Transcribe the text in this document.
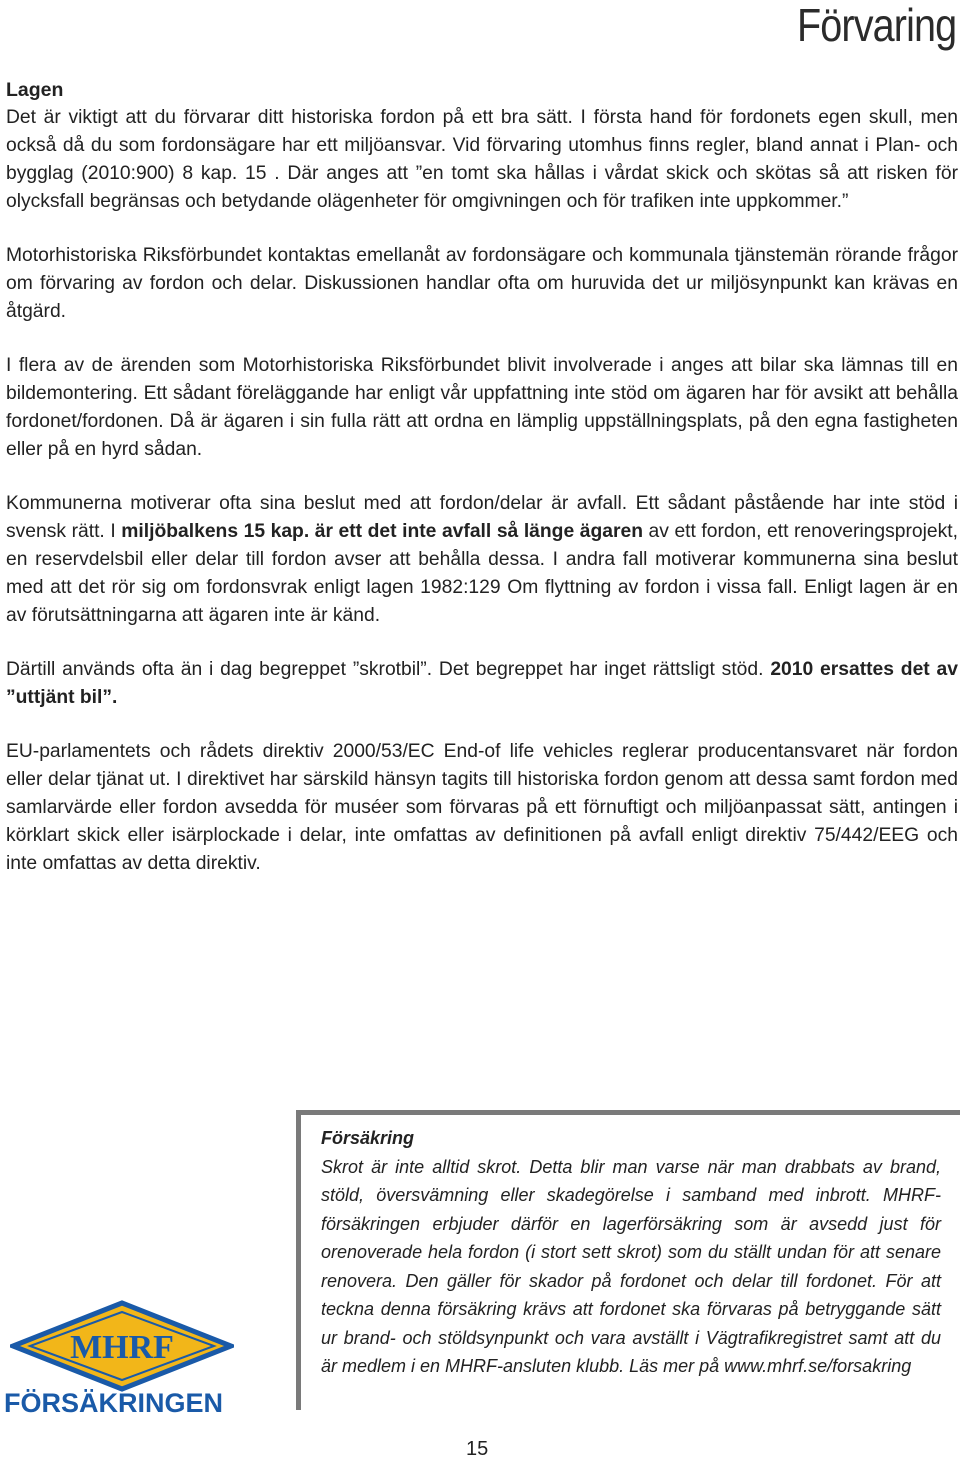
Förvaring

Lagen
Det är viktigt att du förvarar ditt historiska fordon på ett bra sätt. I första hand för fordonets egen skull, men också då du som fordonsägare har ett miljöansvar. Vid förvaring utomhus finns regler, bland annat i Plan- och bygglag (2010:900) 8 kap. 15 . Där anges att ”en tomt ska hållas i vårdat skick och skötas så att risken för olycksfall begränsas och betydande olägenheter för omgivningen och för trafiken inte uppkommer.”

Motorhistoriska Riksförbundet kontaktas emellanåt av fordonsägare och kommunala tjänstemän rörande frågor om förvaring av fordon och delar. Diskussionen handlar ofta om huruvida det ur miljösynpunkt kan krävas en åtgärd.

I flera av de ärenden som Motorhistoriska Riksförbundet blivit involverade i anges att bilar ska lämnas till en bildemontering. Ett sådant föreläggande har enligt vår uppfattning inte stöd om ägaren har för avsikt att behålla fordonet/fordonen. Då är ägaren i sin fulla rätt att ordna en lämplig uppställningsplats, på den egna fastigheten eller på en hyrd sådan.

Kommunerna motiverar ofta sina beslut med att fordon/delar är avfall. Ett sådant påstående har inte stöd i svensk rätt. I miljöbalkens 15 kap. är ett det inte avfall så länge ägaren av ett fordon, ett renoveringsprojekt, en reservdelsbil eller delar till fordon avser att behålla dessa. I andra fall motiverar kommunerna sina beslut med att det rör sig om fordonsvrak enligt lagen 1982:129 Om flyttning av fordon i vissa fall. Enligt lagen är en av förutsättningarna att ägaren inte är känd.

Därtill används ofta än i dag begreppet ”skrotbil”. Det begreppet har inget rättsligt stöd. 2010 ersattes det av ”uttjänt bil”.

EU-parlamentets och rådets direktiv 2000/53/EC End-of life vehicles reglerar producentansvaret när fordon eller delar tjänat ut. I direktivet har särskild hänsyn tagits till historiska fordon genom att dessa samt fordon med samlarvärde eller fordon avsedda för muséer som förvaras på ett förnuftigt och miljöanpassat sätt, antingen i körklart skick eller isärplockade i delar, inte omfattas av definitionen på avfall enligt direktiv 75/442/EEG och inte omfattas av detta direktiv.

Försäkring
Skrot är inte alltid skrot. Detta blir man varse när man drabbats av brand, stöld, översvämning eller skadegörelse i samband med inbrott. MHRF-försäkringen erbjuder därför en lagerförsäkring som är avsedd just för orenoverade hela fordon (i stort sett skrot) som du ställt undan för att senare renovera. Den gäller för skador på fordonet och delar till fordonet. För att teckna denna försäkring krävs att fordonet ska förvaras på betryggande sätt ur brand- och stöldsynpunkt och vara avställt i Vägtrafikregistret samt att du är medlem i en MHRF-ansluten klubb. Läs mer på www.mhrf.se/forsakring
MHRF
FÖRSÄKRINGEN
15
